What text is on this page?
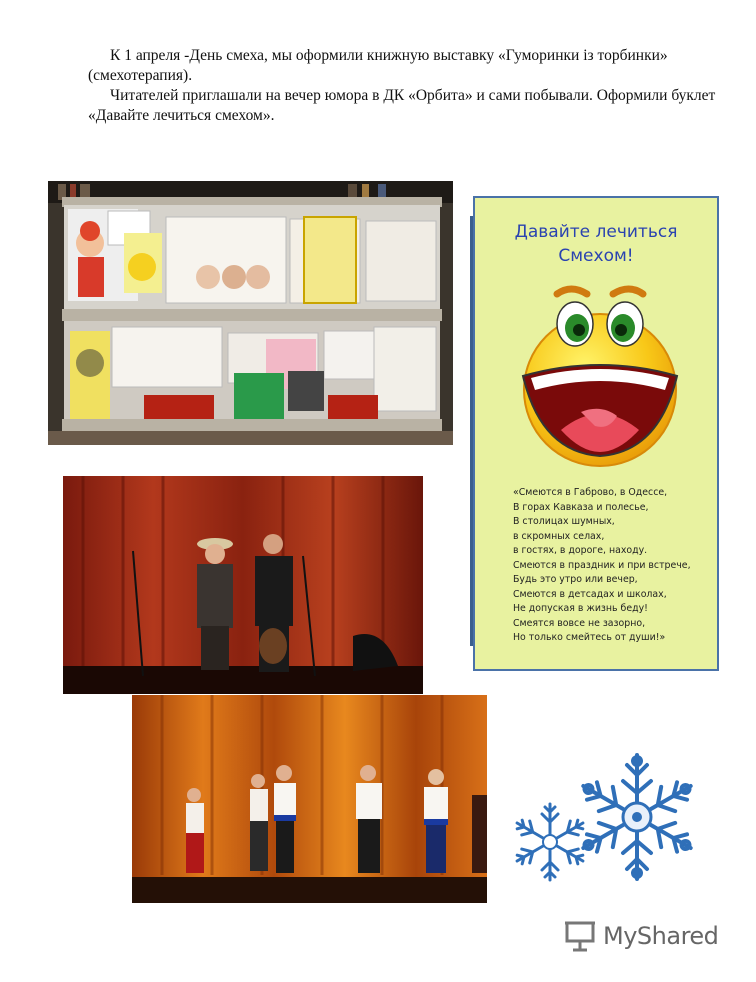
К 1 апреля -День смеха, мы оформили книжную выставку «Гуморинки із торбинки» (смехотерапия).

Читателей приглашали на вечер юмора в ДК «Орбита» и сами побывали. Оформили буклет «Давайте лечиться смехом».

Давайте лечиться
Смехом!
«Смеются в Габрово, в Одессе,
В горах Кавказа и полесье,
В столицах шумных,
в скромных селах,
в гостях, в дороге, находу.
Смеются в праздник и при встрече,
Будь это утро или вечер,
Смеются в детсадах и школах,
Не допуская в жизнь беду!
Смеятся вовсе не зазорно,
Но только смейтесь от души!»
MyShared
